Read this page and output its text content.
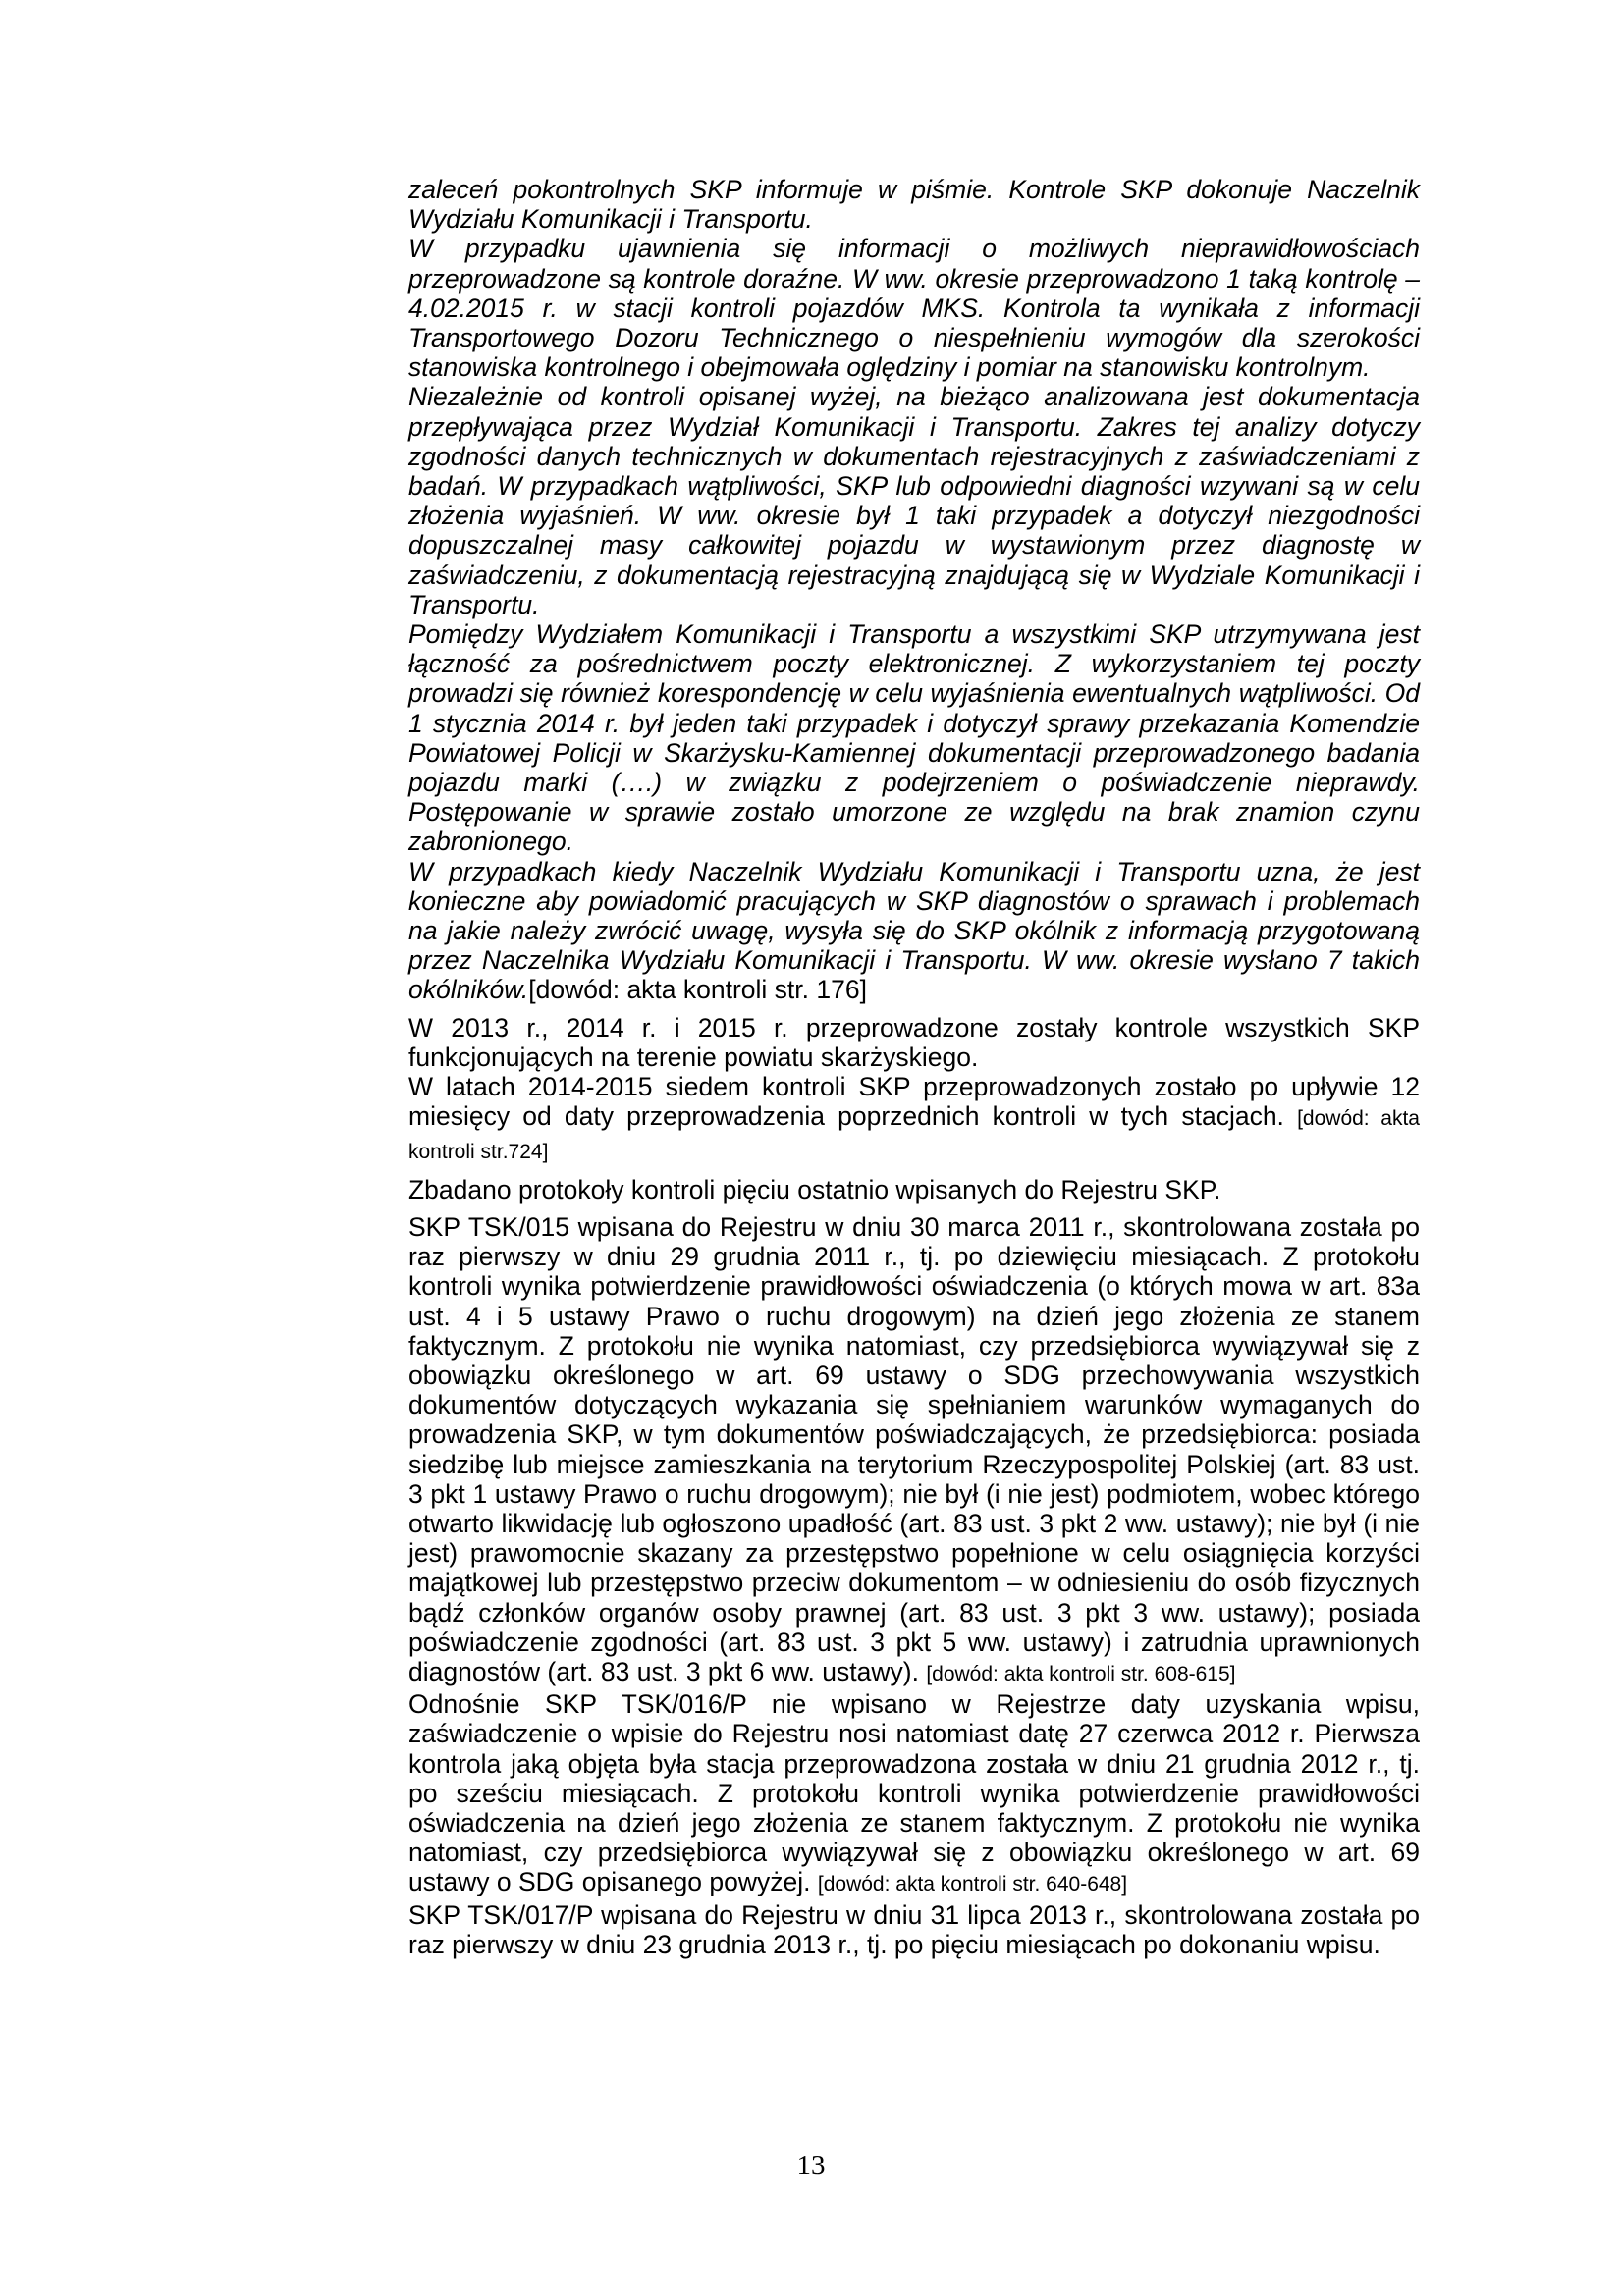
zaleceń pokontrolnych SKP informuje w piśmie. Kontrole SKP dokonuje Naczelnik Wydziału Komunikacji i Transportu.

W przypadku ujawnienia się informacji o możliwych nieprawidłowościach przeprowadzone są kontrole doraźne. W ww. okresie przeprowadzono 1 taką kontrolę – 4.02.2015 r. w stacji kontroli pojazdów MKS. Kontrola ta wynikała z informacji Transportowego Dozoru Technicznego o niespełnieniu wymogów dla szerokości stanowiska kontrolnego i obejmowała oględziny i pomiar na stanowisku kontrolnym.

Niezależnie od kontroli opisanej wyżej, na bieżąco analizowana jest dokumentacja przepływająca przez Wydział Komunikacji i Transportu. Zakres tej analizy dotyczy zgodności danych technicznych w dokumentach rejestracyjnych z zaświadczeniami z badań. W przypadkach wątpliwości, SKP lub odpowiedni diagności wzywani są w celu złożenia wyjaśnień. W ww. okresie był 1 taki przypadek a dotyczył niezgodności dopuszczalnej masy całkowitej pojazdu w wystawionym przez diagnostę w zaświadczeniu, z dokumentacją rejestracyjną znajdującą się w Wydziale Komunikacji i Transportu.

Pomiędzy Wydziałem Komunikacji i Transportu a wszystkimi SKP utrzymywana jest łączność za pośrednictwem poczty elektronicznej. Z wykorzystaniem tej poczty prowadzi się również korespondencję w celu wyjaśnienia ewentualnych wątpliwości. Od 1 stycznia 2014 r. był jeden taki przypadek i dotyczył sprawy przekazania Komendzie Powiatowej Policji w Skarżysku-Kamiennej dokumentacji przeprowadzonego badania pojazdu marki (….) w związku z podejrzeniem o poświadczenie nieprawdy. Postępowanie w sprawie zostało umorzone ze względu na brak znamion czynu zabronionego.

W przypadkach kiedy Naczelnik Wydziału Komunikacji i Transportu uzna, że jest konieczne aby powiadomić pracujących w SKP diagnostów o sprawach i problemach na jakie należy zwrócić uwagę, wysyła się do SKP okólnik z informacją przygotowaną przez Naczelnika Wydziału Komunikacji i Transportu. W ww. okresie wysłano 7 takich okólników.[dowód: akta kontroli str. 176]

W 2013 r., 2014 r. i 2015 r. przeprowadzone zostały kontrole wszystkich SKP funkcjonujących na terenie powiatu skarżyskiego.

W latach 2014-2015 siedem kontroli SKP przeprowadzonych zostało po upływie 12 miesięcy od daty przeprowadzenia poprzednich kontroli w tych stacjach. [dowód: akta kontroli str.724]

Zbadano protokoły kontroli pięciu ostatnio wpisanych do Rejestru SKP.

SKP TSK/015 wpisana do Rejestru w dniu 30 marca 2011 r., skontrolowana została po raz pierwszy w dniu 29 grudnia 2011 r., tj. po dziewięciu miesiącach. Z protokołu kontroli wynika potwierdzenie prawidłowości oświadczenia (o których mowa w art. 83a ust. 4 i 5 ustawy Prawo o ruchu drogowym) na dzień jego złożenia ze stanem faktycznym. Z protokołu nie wynika natomiast, czy przedsiębiorca wywiązywał się z obowiązku określonego w art. 69 ustawy o SDG przechowywania wszystkich dokumentów dotyczących wykazania się spełnianiem warunków wymaganych do prowadzenia SKP, w tym dokumentów poświadczających, że przedsiębiorca: posiada siedzibę lub miejsce zamieszkania na terytorium Rzeczypospolitej Polskiej (art. 83 ust. 3 pkt 1 ustawy Prawo o ruchu drogowym); nie był (i nie jest) podmiotem, wobec którego otwarto likwidację lub ogłoszono upadłość (art. 83 ust. 3 pkt 2 ww. ustawy); nie był (i nie jest) prawomocnie skazany za przestępstwo popełnione w celu osiągnięcia korzyści majątkowej lub przestępstwo przeciw dokumentom – w odniesieniu do osób fizycznych bądź członków organów osoby prawnej (art. 83 ust. 3 pkt 3 ww. ustawy); posiada poświadczenie zgodności (art. 83 ust. 3 pkt 5 ww. ustawy) i zatrudnia uprawnionych diagnostów (art. 83 ust. 3 pkt 6 ww. ustawy). [dowód: akta kontroli str. 608-615]

Odnośnie SKP TSK/016/P nie wpisano w Rejestrze daty uzyskania wpisu, zaświadczenie o wpisie do Rejestru nosi natomiast datę 27 czerwca 2012 r. Pierwsza kontrola jaką objęta była stacja przeprowadzona została w dniu 21 grudnia 2012 r., tj. po sześciu miesiącach. Z protokołu kontroli wynika potwierdzenie prawidłowości oświadczenia na dzień jego złożenia ze stanem faktycznym. Z protokołu nie wynika natomiast, czy przedsiębiorca wywiązywał się z obowiązku określonego w art. 69 ustawy o SDG opisanego powyżej. [dowód: akta kontroli str. 640-648]

SKP TSK/017/P wpisana do Rejestru w dniu 31 lipca 2013 r., skontrolowana została po raz pierwszy w dniu 23 grudnia 2013 r., tj. po pięciu miesiącach po dokonaniu wpisu.

13
